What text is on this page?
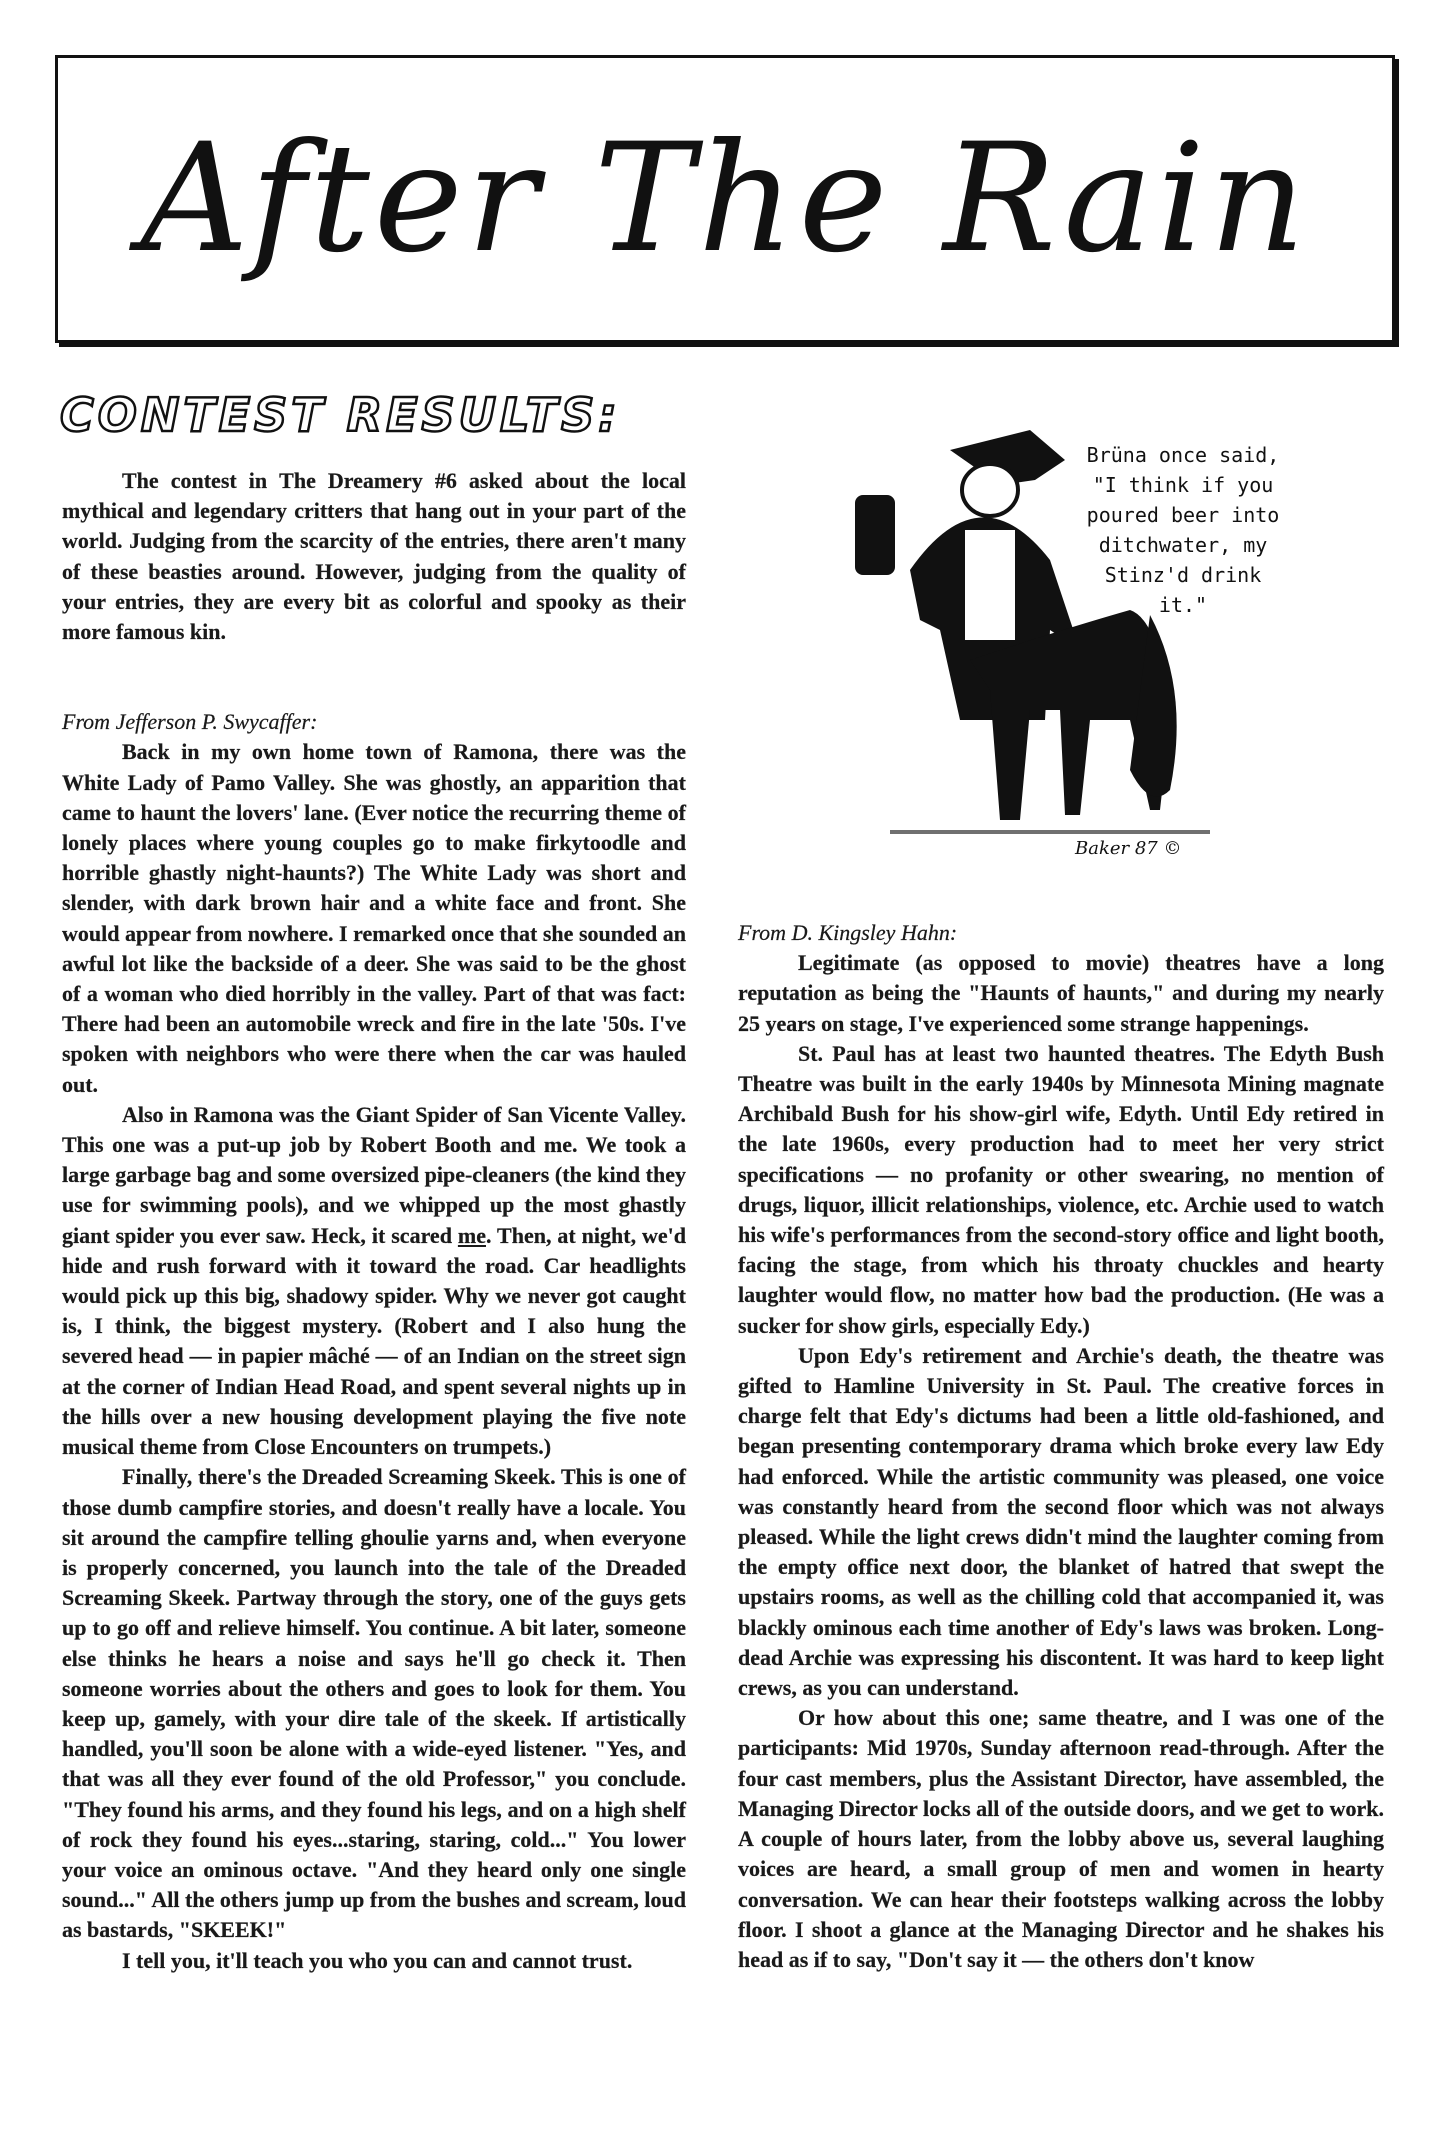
After The Rain
CONTEST RESULTS:

The contest in The Dreamery #6 asked about the local mythical and legendary critters that hang out in your part of the world. Judging from the scarcity of the entries, there aren't many of these beasties around. However, judging from the quality of your entries, they are every bit as colorful and spooky as their more famous kin.

From Jefferson P. Swycaffer:

Back in my own home town of Ramona, there was the White Lady of Pamo Valley. She was ghostly, an apparition that came to haunt the lovers' lane. (Ever notice the recurring theme of lonely places where young couples go to make firkytoodle and horrible ghastly night-haunts?) The White Lady was short and slender, with dark brown hair and a white face and front. She would appear from nowhere. I remarked once that she sounded an awful lot like the backside of a deer. She was said to be the ghost of a woman who died horribly in the valley. Part of that was fact: There had been an automobile wreck and fire in the late '50s. I've spoken with neighbors who were there when the car was hauled out.

Also in Ramona was the Giant Spider of San Vicente Valley. This one was a put-up job by Robert Booth and me. We took a large garbage bag and some oversized pipe-cleaners (the kind they use for swimming pools), and we whipped up the most ghastly giant spider you ever saw. Heck, it scared me. Then, at night, we'd hide and rush forward with it toward the road. Car headlights would pick up this big, shadowy spider. Why we never got caught is, I think, the biggest mystery. (Robert and I also hung the severed head — in papier mâché — of an Indian on the street sign at the corner of Indian Head Road, and spent several nights up in the hills over a new housing development playing the five note musical theme from Close Encounters on trumpets.)

Finally, there's the Dreaded Screaming Skeek. This is one of those dumb campfire stories, and doesn't really have a locale. You sit around the campfire telling ghoulie yarns and, when everyone is properly concerned, you launch into the tale of the Dreaded Screaming Skeek. Partway through the story, one of the guys gets up to go off and relieve himself. You continue. A bit later, someone else thinks he hears a noise and says he'll go check it. Then someone worries about the others and goes to look for them. You keep up, gamely, with your dire tale of the skeek. If artistically handled, you'll soon be alone with a wide-eyed listener. "Yes, and that was all they ever found of the old Professor," you conclude. "They found his arms, and they found his legs, and on a high shelf of rock they found his eyes...staring, staring, cold..." You lower your voice an ominous octave. "And they heard only one single sound..." All the others jump up from the bushes and scream, loud as bastards, "SKEEK!"

I tell you, it'll teach you who you can and cannot trust.

Brüna once said,
"I think if you
poured beer into
ditchwater, my
Stinz'd drink
it."
Baker 87 ©

From D. Kingsley Hahn:

Legitimate (as opposed to movie) theatres have a long reputation as being the "Haunts of haunts," and during my nearly 25 years on stage, I've experienced some strange happenings.

St. Paul has at least two haunted theatres. The Edyth Bush Theatre was built in the early 1940s by Minnesota Mining magnate Archibald Bush for his show-girl wife, Edyth. Until Edy retired in the late 1960s, every production had to meet her very strict specifications — no profanity or other swearing, no mention of drugs, liquor, illicit relationships, violence, etc. Archie used to watch his wife's performances from the second-story office and light booth, facing the stage, from which his throaty chuckles and hearty laughter would flow, no matter how bad the production. (He was a sucker for show girls, especially Edy.)

Upon Edy's retirement and Archie's death, the theatre was gifted to Hamline University in St. Paul. The creative forces in charge felt that Edy's dictums had been a little old-fashioned, and began presenting contemporary drama which broke every law Edy had enforced. While the artistic community was pleased, one voice was constantly heard from the second floor which was not always pleased. While the light crews didn't mind the laughter coming from the empty office next door, the blanket of hatred that swept the upstairs rooms, as well as the chilling cold that accompanied it, was blackly ominous each time another of Edy's laws was broken. Long-dead Archie was expressing his discontent. It was hard to keep light crews, as you can understand.

Or how about this one; same theatre, and I was one of the participants: Mid 1970s, Sunday afternoon read-through. After the four cast members, plus the Assistant Director, have assembled, the Managing Director locks all of the outside doors, and we get to work. A couple of hours later, from the lobby above us, several laughing voices are heard, a small group of men and women in hearty conversation. We can hear their footsteps walking across the lobby floor. I shoot a glance at the Managing Director and he shakes his head as if to say, "Don't say it — the others don't know
